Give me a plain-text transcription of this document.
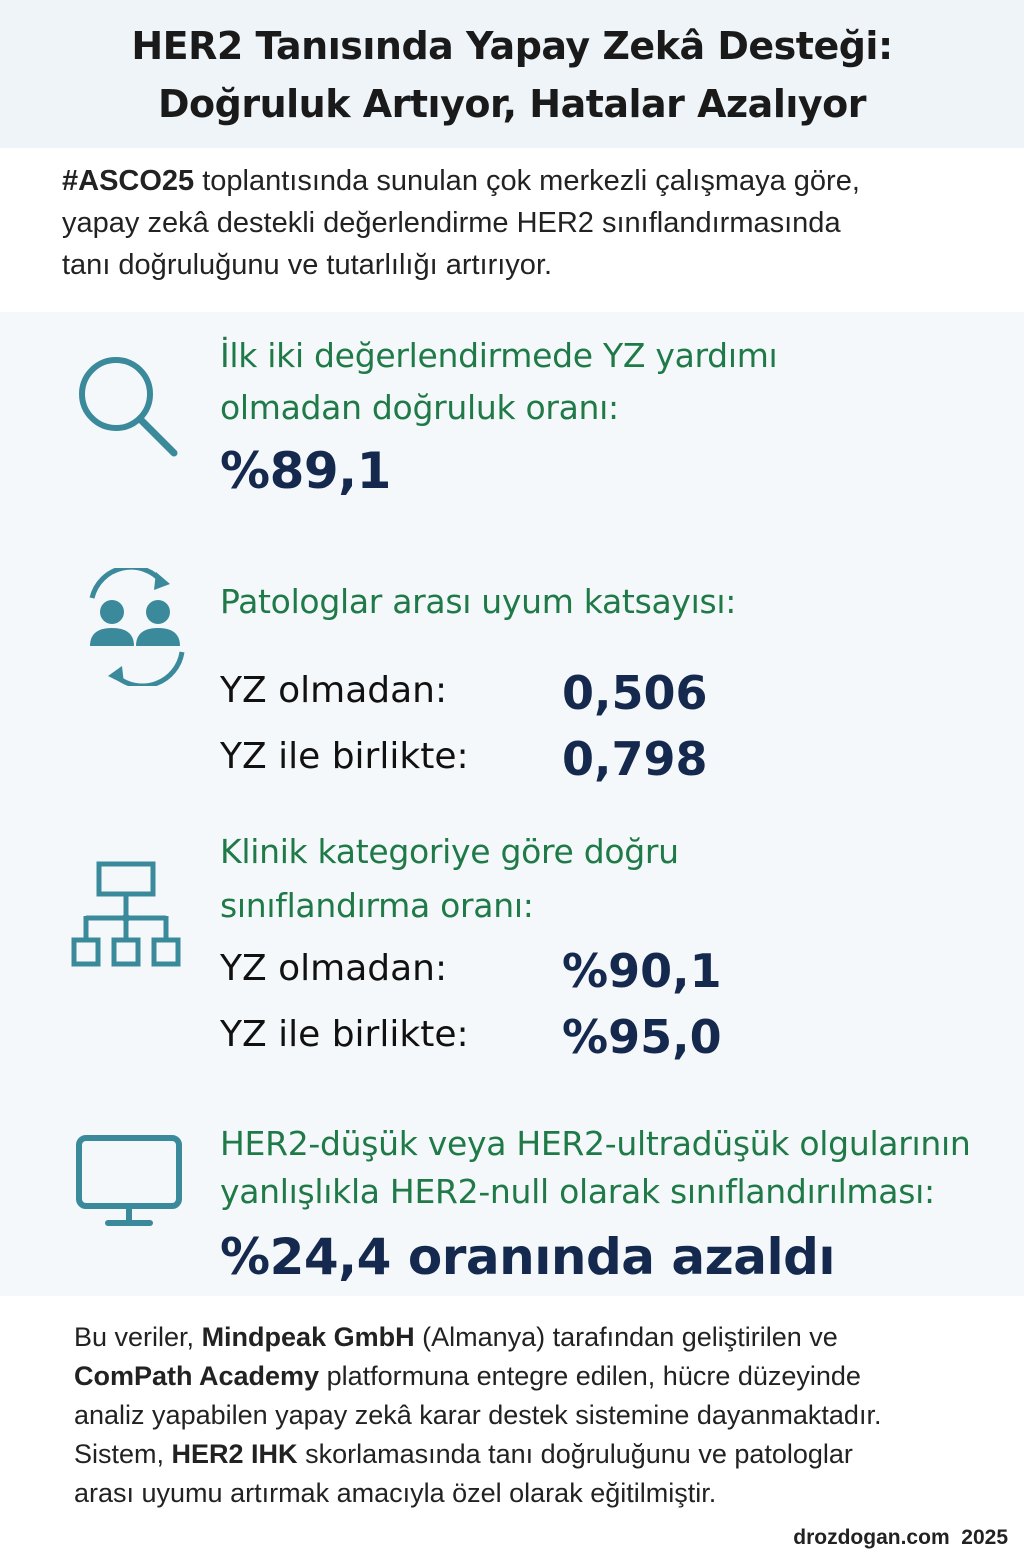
HER2 Tanısında Yapay Zekâ Desteği:
Doğruluk Artıyor, Hatalar Azalıyor
#ASCO25 toplantısında sunulan çok merkezli çalışmaya göre,
yapay zekâ destekli değerlendirme HER2 sınıflandırmasında
tanı doğruluğunu ve tutarlılığı artırıyor.
İlk iki değerlendirmede YZ yardımı
olmadan doğruluk oranı:
%89,1
Patologlar arası uyum katsayısı:
YZ olmadan: 0,506
YZ ile birlikte: 0,798
Klinik kategoriye göre doğru
sınıflandırma oranı:
YZ olmadan: %90,1
YZ ile birlikte: %95,0
HER2-düşük veya HER2-ultradüşük olgularının
yanlışlıkla HER2-null olarak sınıflandırılması:
%24,4 oranında azaldı
Bu veriler, Mindpeak GmbH (Almanya) tarafından geliştirilen ve
ComPath Academy platformuna entegre edilen, hücre düzeyinde
analiz yapabilen yapay zekâ karar destek sistemine dayanmaktadır.
Sistem, HER2 IHK skorlamasında tanı doğruluğunu ve patologlar
arası uyumu artırmak amacıyla özel olarak eğitilmiştir.
drozdogan.com  2025
